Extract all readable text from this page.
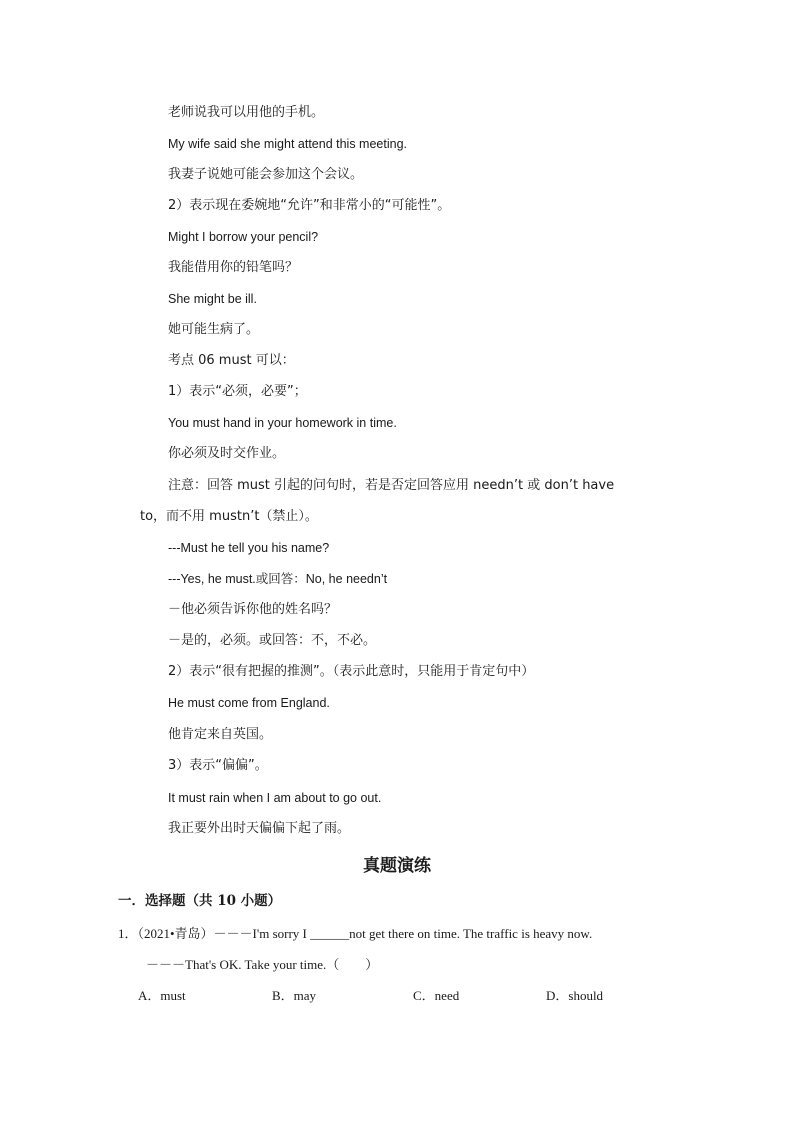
老师说我可以用他的手机。
My wife said she might attend this meeting.
我妻子说她可能会参加这个会议。
2）表示现在委婉地“允许”和非常小的“可能性”。
Might I borrow your pencil?
我能借用你的铅笔吗？
She might be ill.
她可能生病了。
考点 06 must 可以：
1）表示“必须，必要”；
You must hand in your homework in time.
你必须及时交作业。
注意：回答 must 引起的问句时，若是否定回答应用 needn’t 或 don’t have
to，而不用 mustn’t（禁止）。
---Must he tell you his name?
---Yes, he must.或回答：No, he needn’t
－他必须告诉你他的姓名吗？
－是的，必须。或回答：不，不必。
2）表示“很有把握的推测”。（表示此意时，只能用于肯定句中）
He must come from England.
他肯定来自英国。
3）表示“偏偏”。
It must rain when I am about to go out.
我正要外出时天偏偏下起了雨。
真题演练
一．选择题（共 10 小题）
1．（2021•青岛）－－－I'm sorry I ______not get there on time. The traffic is heavy now.
－－－That's OK. Take your time.（　　）
A．must	B．may	C．need	D．should
